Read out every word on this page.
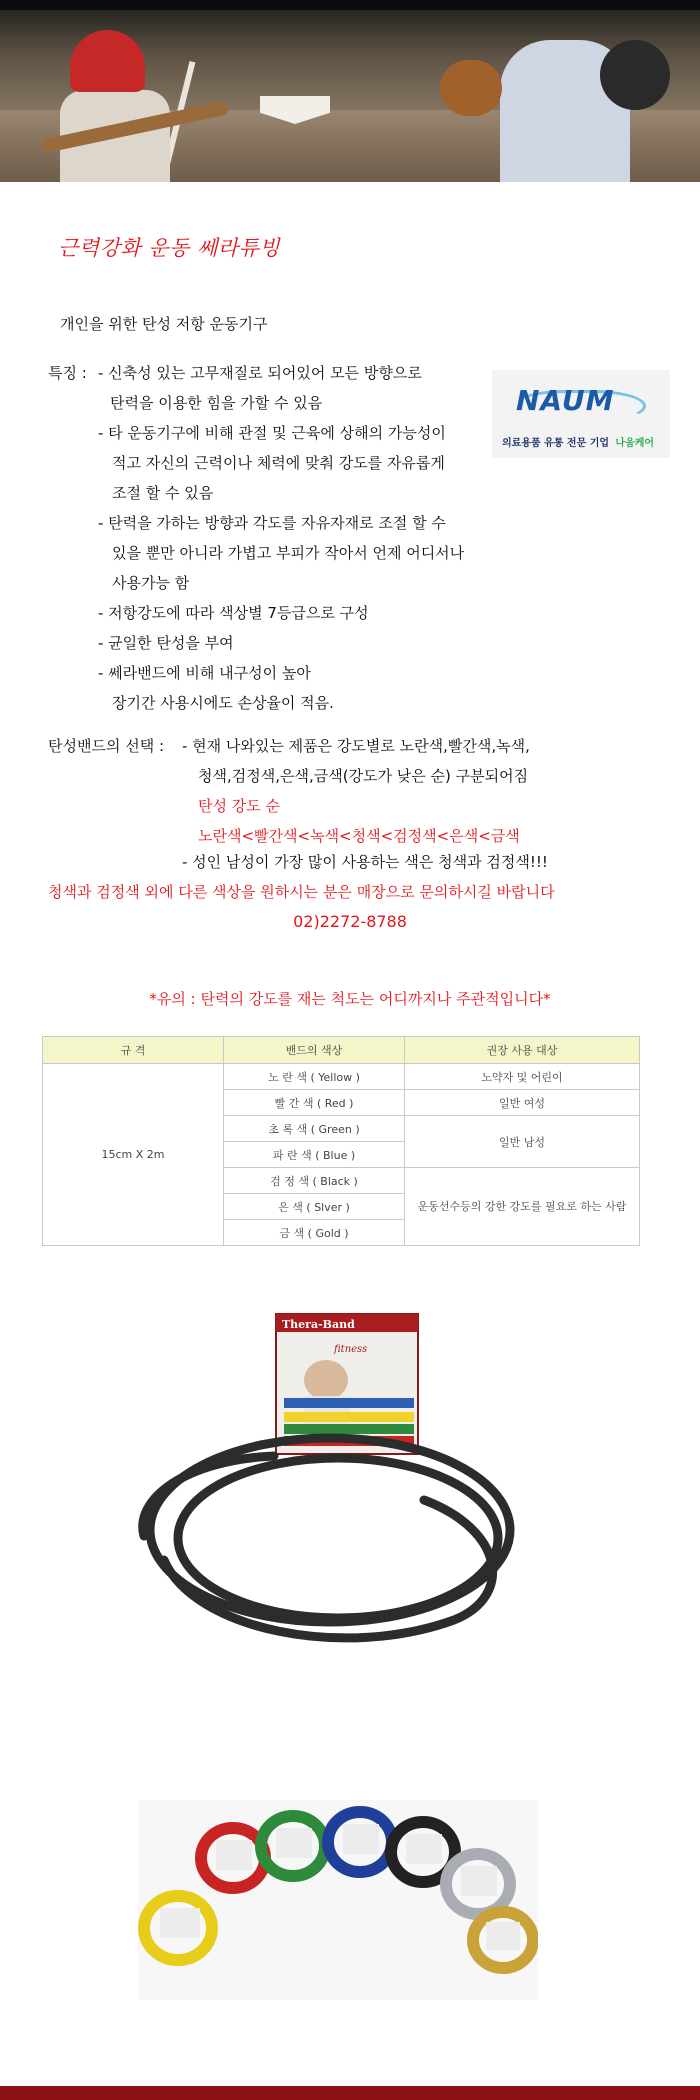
근력강화 운동 쎄라튜빙
개인을 위한 탄성 저항 운동기구
특징 : - 신축성 있는 고무재질로 되어있어 모든 방향으로
탄력을 이용한 힘을 가할 수 있음
- 타 운동기구에 비해 관절 및 근육에 상해의 가능성이
적고 자신의 근력이나 체력에 맞춰 강도를 자유롭게
조절 할 수 있음
- 탄력을 가하는 방향과 각도를 자유자재로 조절 할 수
있을 뿐만 아니라 가볍고 부피가 작아서 언제 어디서나
사용가능 함
- 저항강도에 따라 색상별 7등급으로 구성
- 균일한 탄성을 부여
- 쎄라밴드에 비해 내구성이 높아
장기간 사용시에도 손상율이 적음.
NAUM
의료용품 유통 전문 기업 나움케어
탄성밴드의 선택 : - 현재 나와있는 제품은 강도별로 노란색,빨간색,녹색,
청색,검정색,은색,금색(강도가 낮은 순) 구분되어짐
탄성 강도 순
노란색<빨간색<녹색<청색<검정색<은색<금색
- 성인 남성이 가장 많이 사용하는 색은 청색과 검정색!!!
청색과 검정색 외에 다른 색상을 원하시는 분은 매장으로 문의하시길 바랍니다
02)2272-8788
*유의 : 탄력의 강도를 재는 척도는 어디까지나 주관적입니다*
규 격	밴드의 색상	권장 사용 대상
15cm X 2m	노 란 색 ( Yellow )	노약자 및 어린이
	빨 간 색 ( Red )	일반 여성
	초 록 색 ( Green )	일반 남성
	파 란 색 ( Blue )	
	검 정 색 ( Black )	운동선수등의 강한 강도를 필요로 하는 사람
	은 색 ( Slver )	
	금 색 ( Gold )	
Thera-Band
fitness
